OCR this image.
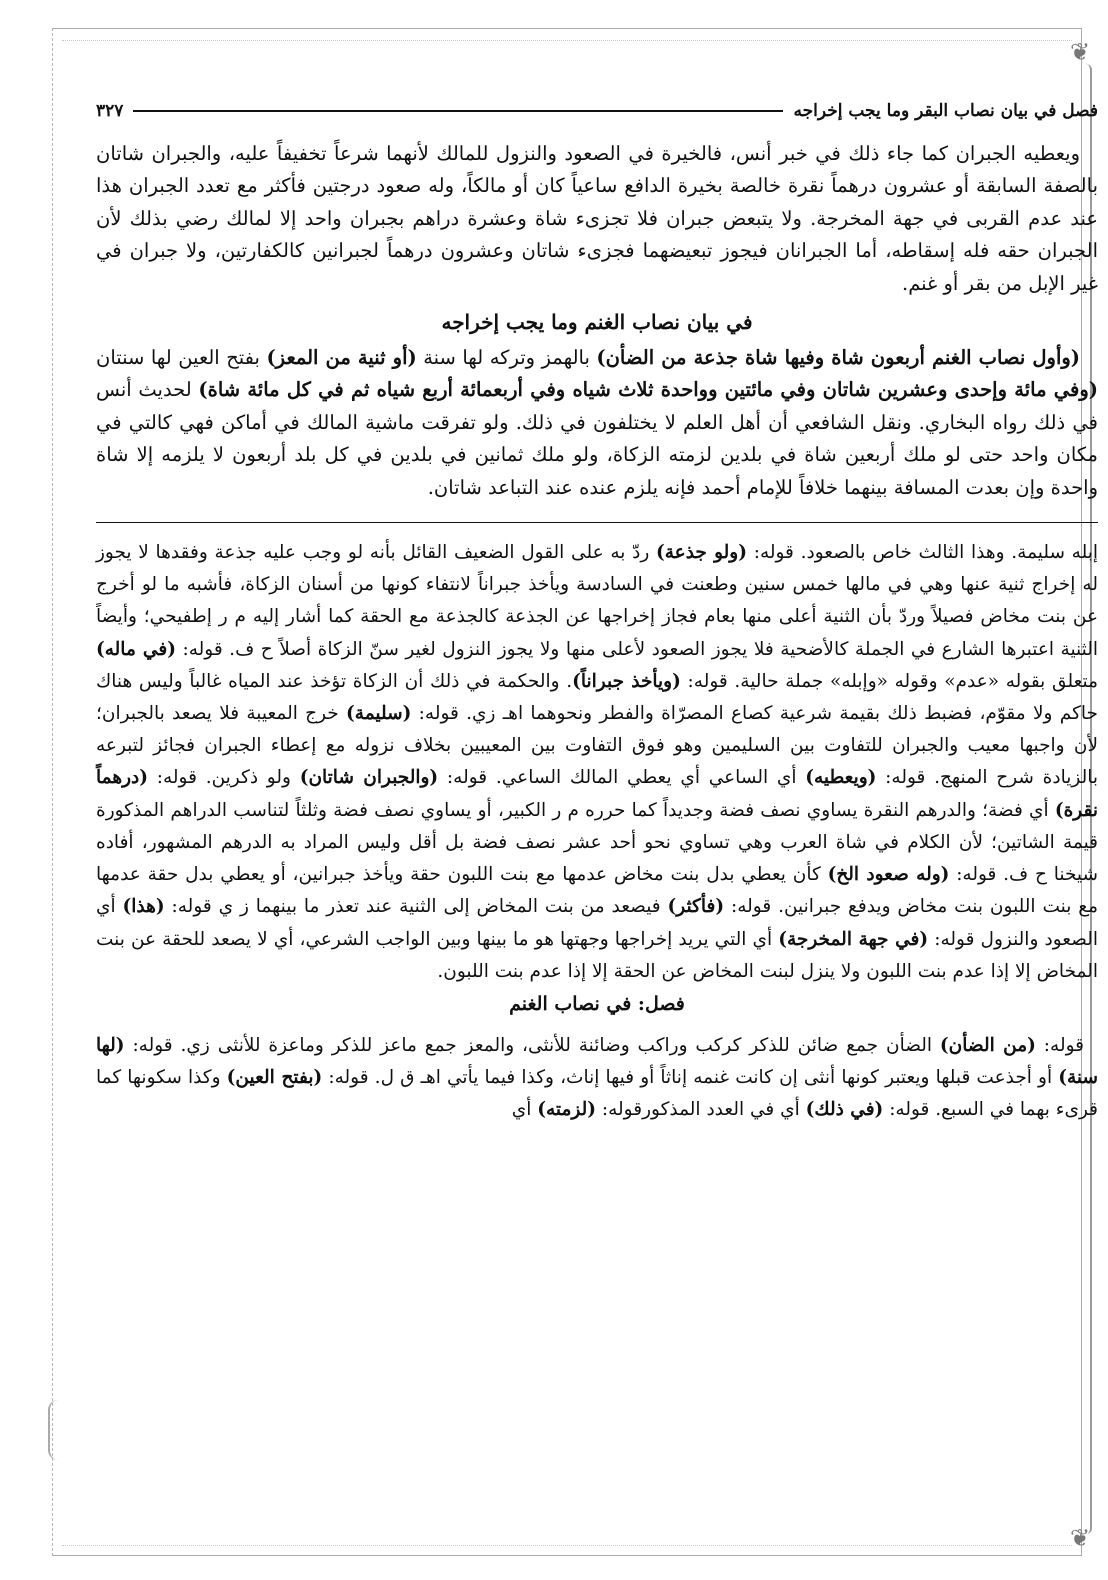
❦
❦
فصل في بيان نصاب البقر وما يجب إخراجه
٣٢٧

ويعطيه الجبران كما جاء ذلك في خبر أنس، فالخيرة في الصعود والنزول للمالك لأنهما شرعاً تخفيفاً عليه، والجبران شاتان بالصفة السابقة أو عشرون درهماً نقرة خالصة بخيرة الدافع ساعياً كان أو مالكاً، وله صعود درجتين فأكثر مع تعدد الجبران هذا عند عدم القربى في جهة المخرجة. ولا يتبعض جبران فلا تجزىء شاة وعشرة دراهم بجبران واحد إلا لمالك رضي بذلك لأن الجبران حقه فله إسقاطه، أما الجبرانان فيجوز تبعيضهما فجزىء شاتان وعشرون درهماً لجبرانين كالكفارتين، ولا جبران في غير الإبل من بقر أو غنم.

في بيان نصاب الغنم وما يجب إخراجه

(وأول نصاب الغنم أربعون شاة وفيها شاة جذعة من الضأن) بالهمز وتركه لها سنة (أو ثنية من المعز) بفتح العين لها سنتان (وفي مائة وإحدى وعشرين شاتان وفي مائتين وواحدة ثلاث شياه وفي أربعمائة أربع شياه ثم في كل مائة شاة) لحديث أنس في ذلك رواه البخاري. ونقل الشافعي أن أهل العلم لا يختلفون في ذلك. ولو تفرقت ماشية المالك في أماكن فهي كالتي في مكان واحد حتى لو ملك أربعين شاة في بلدين لزمته الزكاة، ولو ملك ثمانين في بلدين في كل بلد أربعون لا يلزمه إلا شاة واحدة وإن بعدت المسافة بينهما خلافاً للإمام أحمد فإنه يلزم عنده عند التباعد شاتان.

إبله سليمة. وهذا الثالث خاص بالصعود. قوله: (ولو جذعة) ردّ به على القول الضعيف القائل بأنه لو وجب عليه جذعة وفقدها لا يجوز له إخراج ثنية عنها وهي في مالها خمس سنين وطعنت في السادسة ويأخذ جبراناً لانتفاء كونها من أسنان الزكاة، فأشبه ما لو أخرج عن بنت مخاض فصيلاً وردّ بأن الثنية أعلى منها بعام فجاز إخراجها عن الجذعة كالجذعة مع الحقة كما أشار إليه م ر إطفيحي؛ وأيضاً الثنية اعتبرها الشارع في الجملة كالأضحية فلا يجوز الصعود لأعلى منها ولا يجوز النزول لغير سنّ الزكاة أصلاً ح ف. قوله: (في ماله) متعلق بقوله «عدم» وقوله «وإبله» جملة حالية. قوله: (ويأخذ جبراناً). والحكمة في ذلك أن الزكاة تؤخذ عند المياه غالباً وليس هناك حاكم ولا مقوّم، فضبط ذلك بقيمة شرعية كصاع المصرّاة والفطر ونحوهما اهـ زي. قوله: (سليمة) خرج المعيبة فلا يصعد بالجبران؛ لأن واجبها معيب والجبران للتفاوت بين السليمين وهو فوق التفاوت بين المعيبين بخلاف نزوله مع إعطاء الجبران فجائز لتبرعه بالزيادة شرح المنهج. قوله: (ويعطيه) أي الساعي أي يعطي المالك الساعي. قوله: (والجبران شاتان) ولو ذكرين. قوله: (درهماً نقرة) أي فضة؛ والدرهم النقرة يساوي نصف فضة وجديداً كما حرره م ر الكبير، أو يساوي نصف فضة وثلثاً لتناسب الدراهم المذكورة قيمة الشاتين؛ لأن الكلام في شاة العرب وهي تساوي نحو أحد عشر نصف فضة بل أقل وليس المراد به الدرهم المشهور، أفاده شيخنا ح ف. قوله: (وله صعود الخ) كأن يعطي بدل بنت مخاض عدمها مع بنت اللبون حقة ويأخذ جبرانين، أو يعطي بدل حقة عدمها مع بنت اللبون بنت مخاض ويدفع جبرانين. قوله: (فأكثر) فيصعد من بنت المخاض إلى الثنية عند تعذر ما بينهما ز ي قوله: (هذا) أي الصعود والنزول قوله: (في جهة المخرجة) أي التي يريد إخراجها وجهتها هو ما بينها وبين الواجب الشرعي، أي لا يصعد للحقة عن بنت المخاض إلا إذا عدم بنت اللبون ولا ينزل لبنت المخاض عن الحقة إلا إذا عدم بنت اللبون.

فصل: في نصاب الغنم

قوله: (من الضأن) الضأن جمع ضائن للذكر كركب وراكب وضائنة للأنثى، والمعز جمع ماعز للذكر وماعزة للأنثى زي. قوله: (لها سنة) أو أجذعت قبلها ويعتبر كونها أنثى إن كانت غنمه إناثاً أو فيها إناث، وكذا فيما يأتي اهـ ق ل. قوله: (بفتح العين) وكذا سكونها كما قرىء بهما في السبع. قوله: (في ذلك) أي في العدد المذكورقوله: (لزمته) أي
